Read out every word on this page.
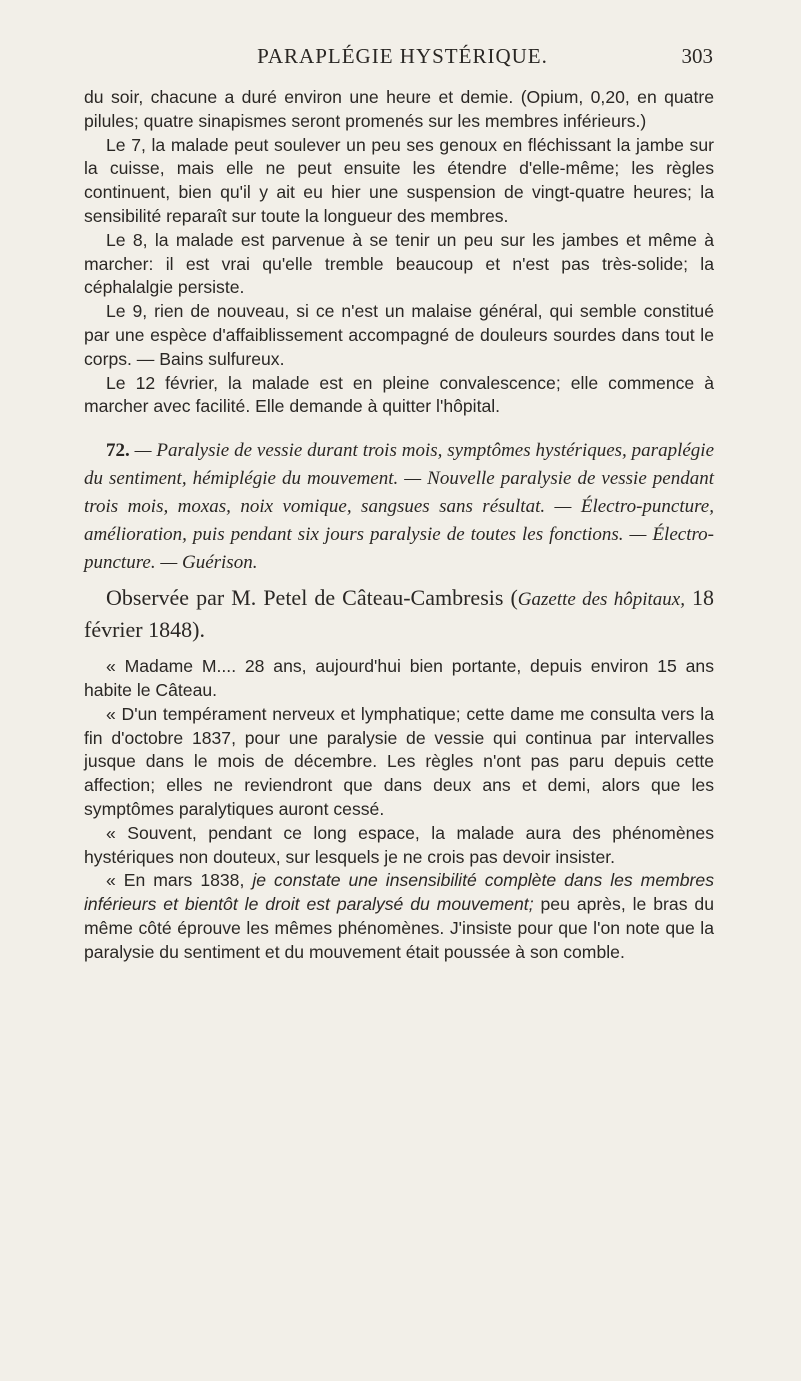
PARAPLÉGIE HYSTÉRIQUE.	303

du soir, chacune a duré environ une heure et demie. (Opium, 0,20, en quatre pilules; quatre sinapismes seront promenés sur les membres inférieurs.)

Le 7, la malade peut soulever un peu ses genoux en fléchissant la jambe sur la cuisse, mais elle ne peut ensuite les étendre d'elle-même; les règles continuent, bien qu'il y ait eu hier une suspension de vingt-quatre heures; la sensibilité reparaît sur toute la longueur des membres.

Le 8, la malade est parvenue à se tenir un peu sur les jambes et même à marcher: il est vrai qu'elle tremble beaucoup et n'est pas très-solide; la céphalalgie persiste.

Le 9, rien de nouveau, si ce n'est un malaise général, qui semble constitué par une espèce d'affaiblissement accompagné de douleurs sourdes dans tout le corps. — Bains sulfureux.

Le 12 février, la malade est en pleine convalescence; elle commence à marcher avec facilité. Elle demande à quitter l'hôpital.

72. — Paralysie de vessie durant trois mois, symptômes hystériques, paraplégie du sentiment, hémiplégie du mouvement. — Nouvelle paralysie de vessie pendant trois mois, moxas, noix vomique, sangsues sans résultat. — Électro-puncture, amélioration, puis pendant six jours paralysie de toutes les fonctions. — Électro-puncture. — Guérison.

Observée par M. Petel de Câteau-Cambresis (Gazette des hôpitaux, 18 février 1848).

« Madame M.... 28 ans, aujourd'hui bien portante, depuis environ 15 ans habite le Câteau.

« D'un tempérament nerveux et lymphatique; cette dame me consulta vers la fin d'octobre 1837, pour une paralysie de vessie qui continua par intervalles jusque dans le mois de décembre. Les règles n'ont pas paru depuis cette affection; elles ne reviendront que dans deux ans et demi, alors que les symptômes paralytiques auront cessé.

« Souvent, pendant ce long espace, la malade aura des phénomènes hystériques non douteux, sur lesquels je ne crois pas devoir insister.

« En mars 1838, je constate une insensibilité complète dans les membres inférieurs et bientôt le droit est paralysé du mouvement; peu après, le bras du même côté éprouve les mêmes phénomènes. J'insiste pour que l'on note que la paralysie du sentiment et du mouvement était poussée à son comble.
